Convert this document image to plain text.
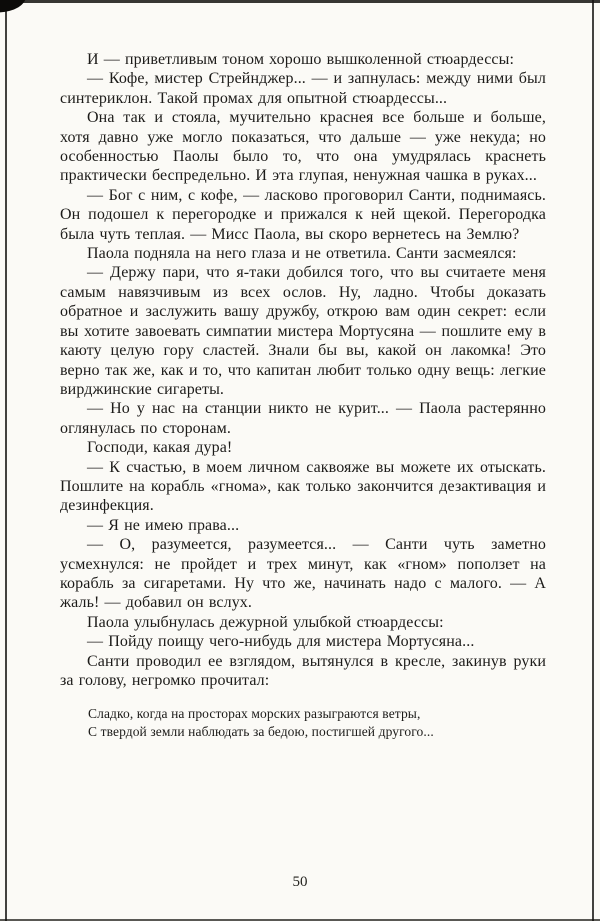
И — приветливым тоном хорошо вышколенной стюардессы:

— Кофе, мистер Стрейнджер... — и запнулась: между ними был синтериклон. Такой промах для опытной стюардессы...

Она так и стояла, мучительно краснея все больше и больше, хотя давно уже могло показаться, что дальше — уже некуда; но особенностью Паолы было то, что она умудрялась краснеть практически беспредельно. И эта глупая, ненужная чашка в руках...

— Бог с ним, с кофе, — ласково проговорил Санти, поднимаясь. Он подошел к перегородке и прижался к ней щекой. Перегородка была чуть теплая. — Мисс Паола, вы скоро вернетесь на Землю?

Паола подняла на него глаза и не ответила. Санти засмеялся:

— Держу пари, что я-таки добился того, что вы считаете меня самым навязчивым из всех ослов. Ну, ладно. Чтобы доказать обратное и заслужить вашу дружбу, открою вам один секрет: если вы хотите завоевать симпатии мистера Мортусяна — пошлите ему в каюту целую гору сластей. Знали бы вы, какой он лакомка! Это верно так же, как и то, что капитан любит только одну вещь: легкие вирджинские сигареты.

— Но у нас на станции никто не курит... — Паола растерянно оглянулась по сторонам.

Господи, какая дура!

— К счастью, в моем личном саквояже вы можете их отыскать. Пошлите на корабль «гнома», как только закончится дезактивация и дезинфекция.

— Я не имею права...

— О, разумеется, разумеется... — Санти чуть заметно усмехнулся: не пройдет и трех минут, как «гном» поползет на корабль за сигаретами. Ну что же, начинать надо с малого. — А жаль! — добавил он вслух.

Паола улыбнулась дежурной улыбкой стюардессы:

— Пойду поищу чего-нибудь для мистера Мортусяна...

Санти проводил ее взглядом, вытянулся в кресле, закинув руки за голову, негромко прочитал:

Сладко, когда на просторах морских разыграются ветры,
С твердой земли наблюдать за бедою, постигшей другого...
50
